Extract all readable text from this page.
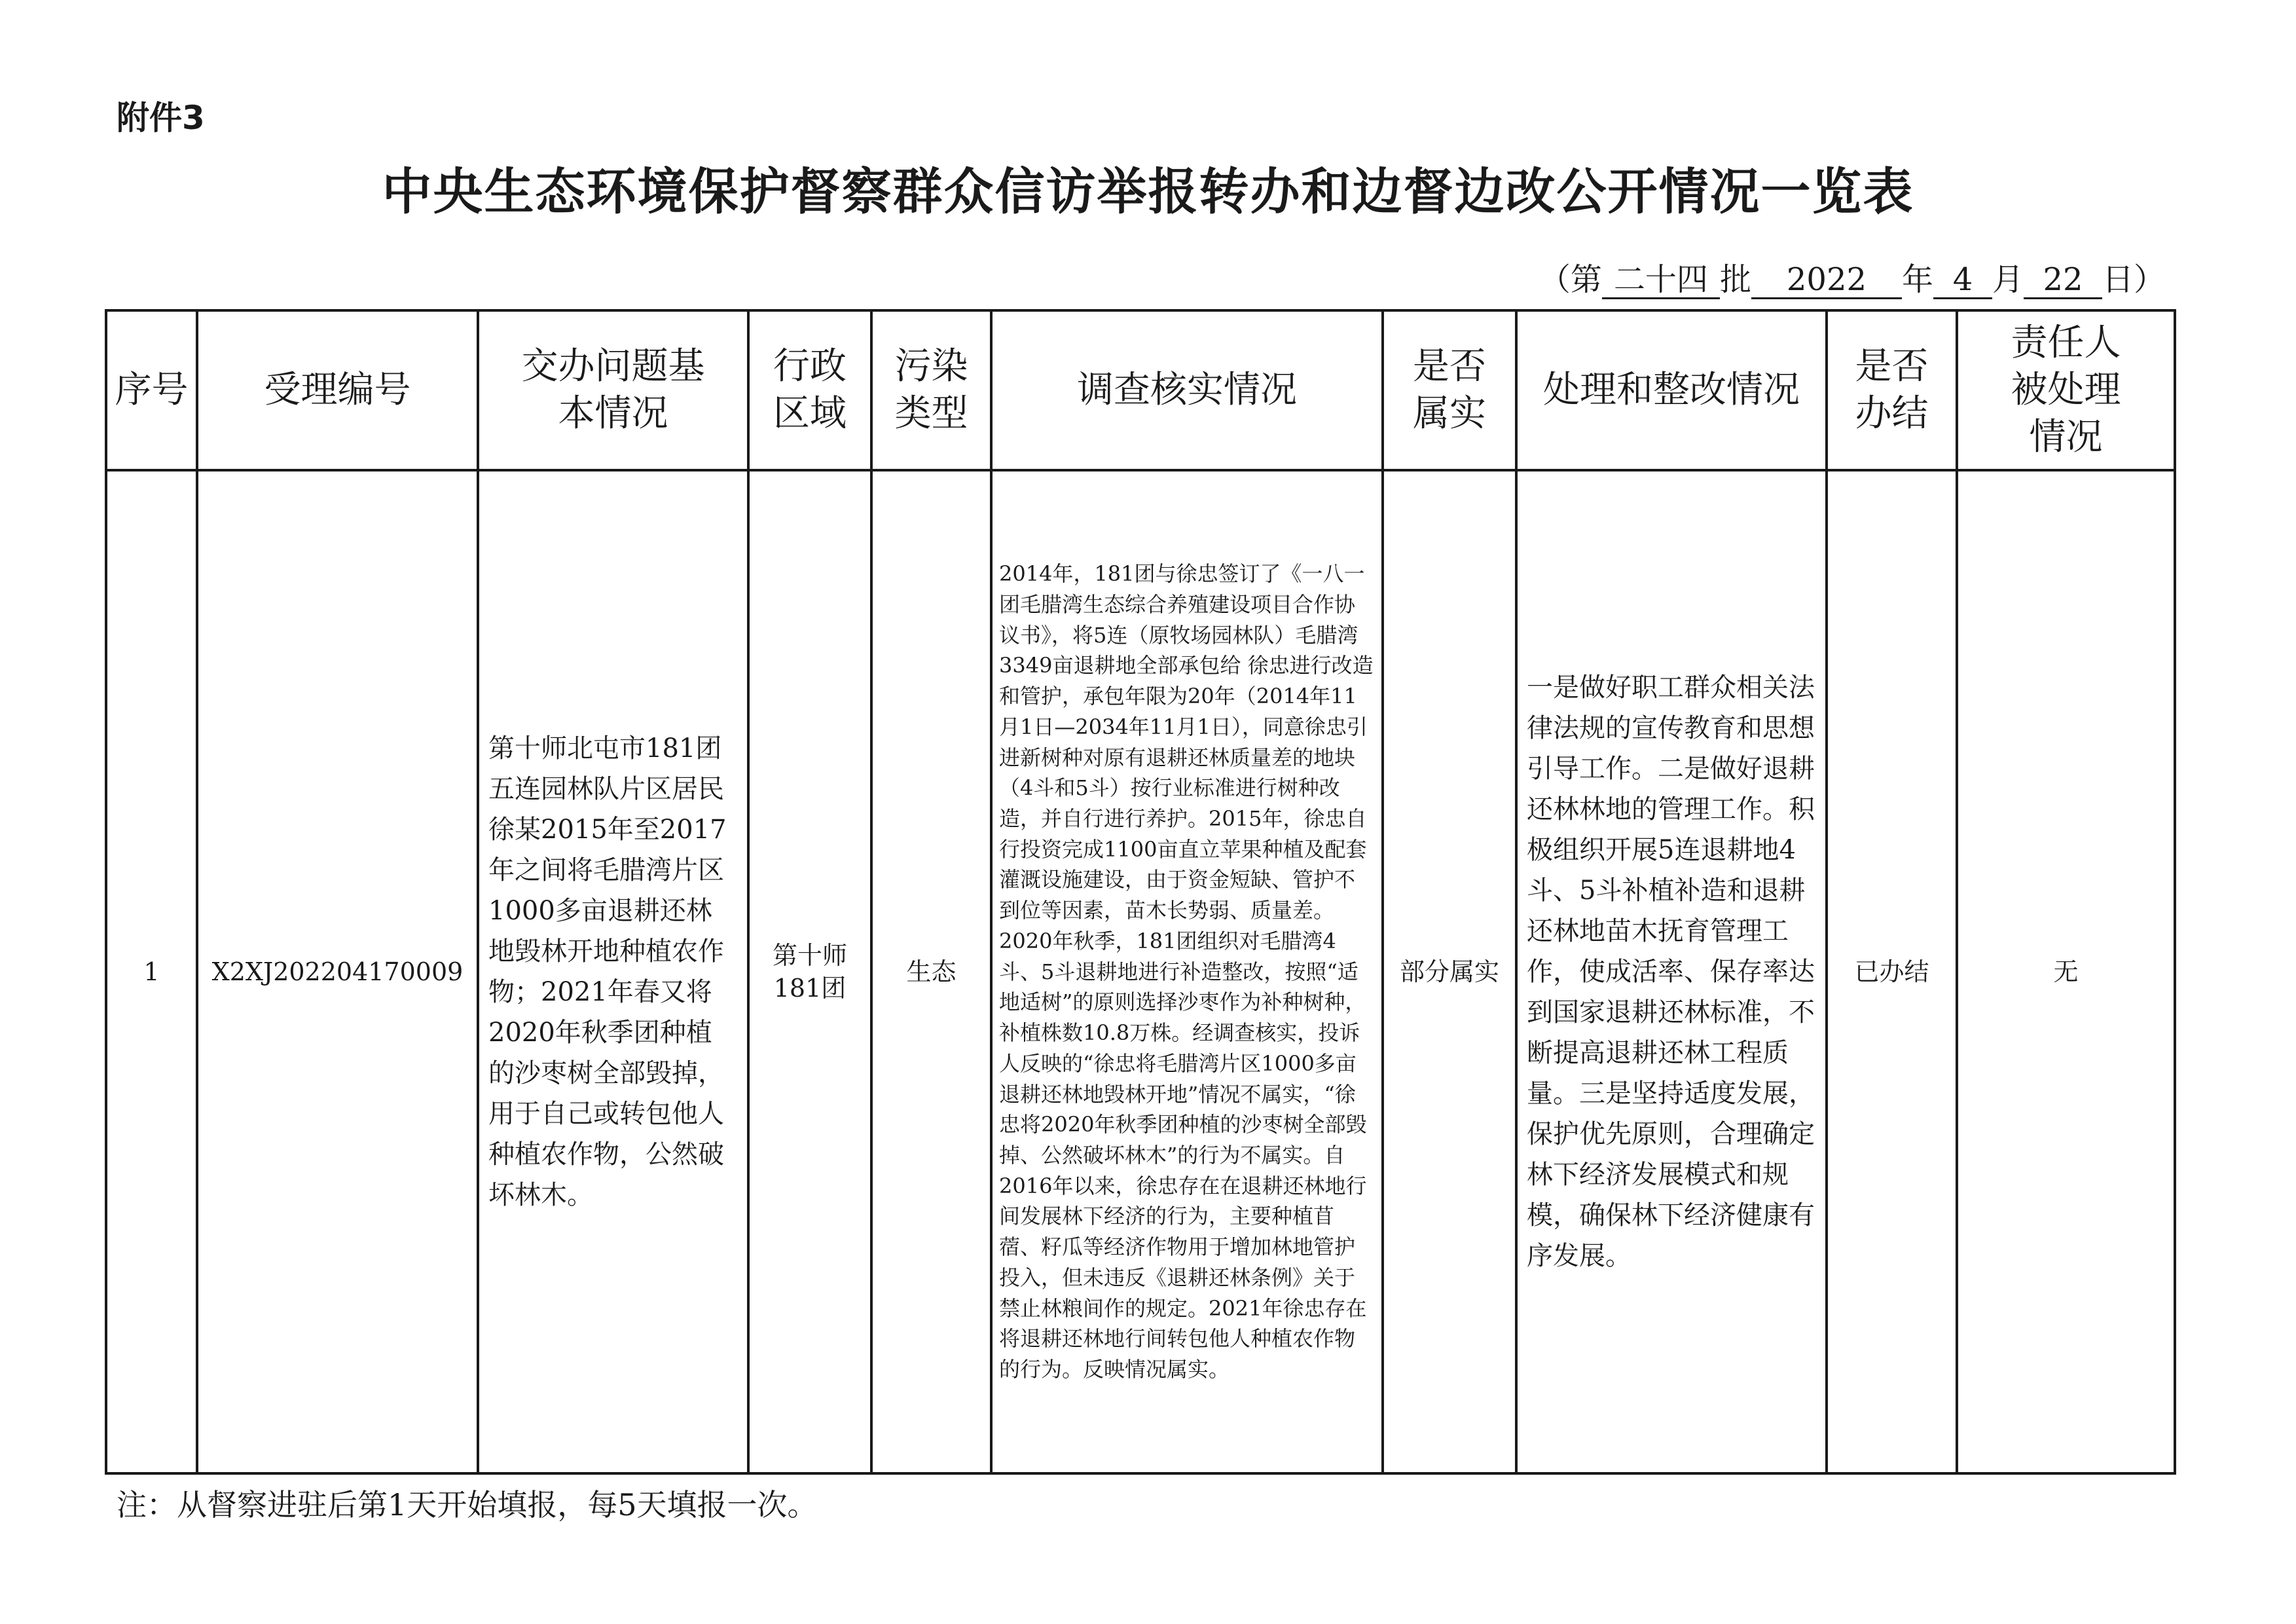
附件3
中央生态环境保护督察群众信访举报转办和边督边改公开情况一览表
（第 二十四 批 2022 年 4 月 22 日）
序号	受理编号	交办问题基本情况	行政区域	污染类型	调查核实情况	是否属实	处理和整改情况	是否办结	责任人被处理情况

1	X2XJ202204170009	第十师北屯市181团五连园林队片区居民徐某2015年至2017年之间将毛腊湾片区1000多亩退耕还林地毁林开地种植农作物；2021年春又将2020年秋季团种植的沙枣树全部毁掉，用于自己或转包他人种植农作物，公然破坏林木。	第十师181团	生态	2014年，181团与徐忠签订了《一八一团毛腊湾生态综合养殖建设项目合作协议书》，将5连（原牧场园林队）毛腊湾3349亩退耕地全部承包给 徐忠进行改造和管护，承包年限为20年（2014年11月1日—2034年11月1日），同意徐忠引进新树种对原有退耕还林质量差的地块（4斗和5斗）按行业标准进行树种改造，并自行进行养护。2015年，徐忠自行投资完成1100亩直立苹果种植及配套灌溉设施建设，由于资金短缺、管护不到位等因素，苗木长势弱、质量差。2020年秋季，181团组织对毛腊湾4斗、5斗退耕地进行补造整改，按照“适地适树”的原则选择沙枣作为补种树种，补植株数10.8万株。经调查核实，投诉人反映的“徐忠将毛腊湾片区1000多亩退耕还林地毁林开地”情况不属实，“徐忠将2020年秋季团种植的沙枣树全部毁掉、公然破坏林木”的行为不属实。自2016年以来，徐忠存在在退耕还林地行间发展林下经济的行为，主要种植苜蓿、籽瓜等经济作物用于增加林地管护投入，但未违反《退耕还林条例》关于禁止林粮间作的规定。2021年徐忠存在将退耕还林地行间转包他人种植农作物的行为。反映情况属实。	部分属实	一是做好职工群众相关法律法规的宣传教育和思想引导工作。二是做好退耕还林林地的管理工作。积极组织开展5连退耕地4斗、5斗补植补造和退耕还林地苗木抚育管理工作，使成活率、保存率达到国家退耕还林标准，不断提高退耕还林工程质量。三是坚持适度发展，保护优先原则，合理确定林下经济发展模式和规模，确保林下经济健康有序发展。	已办结	无
注：从督察进驻后第1天开始填报，每5天填报一次。
